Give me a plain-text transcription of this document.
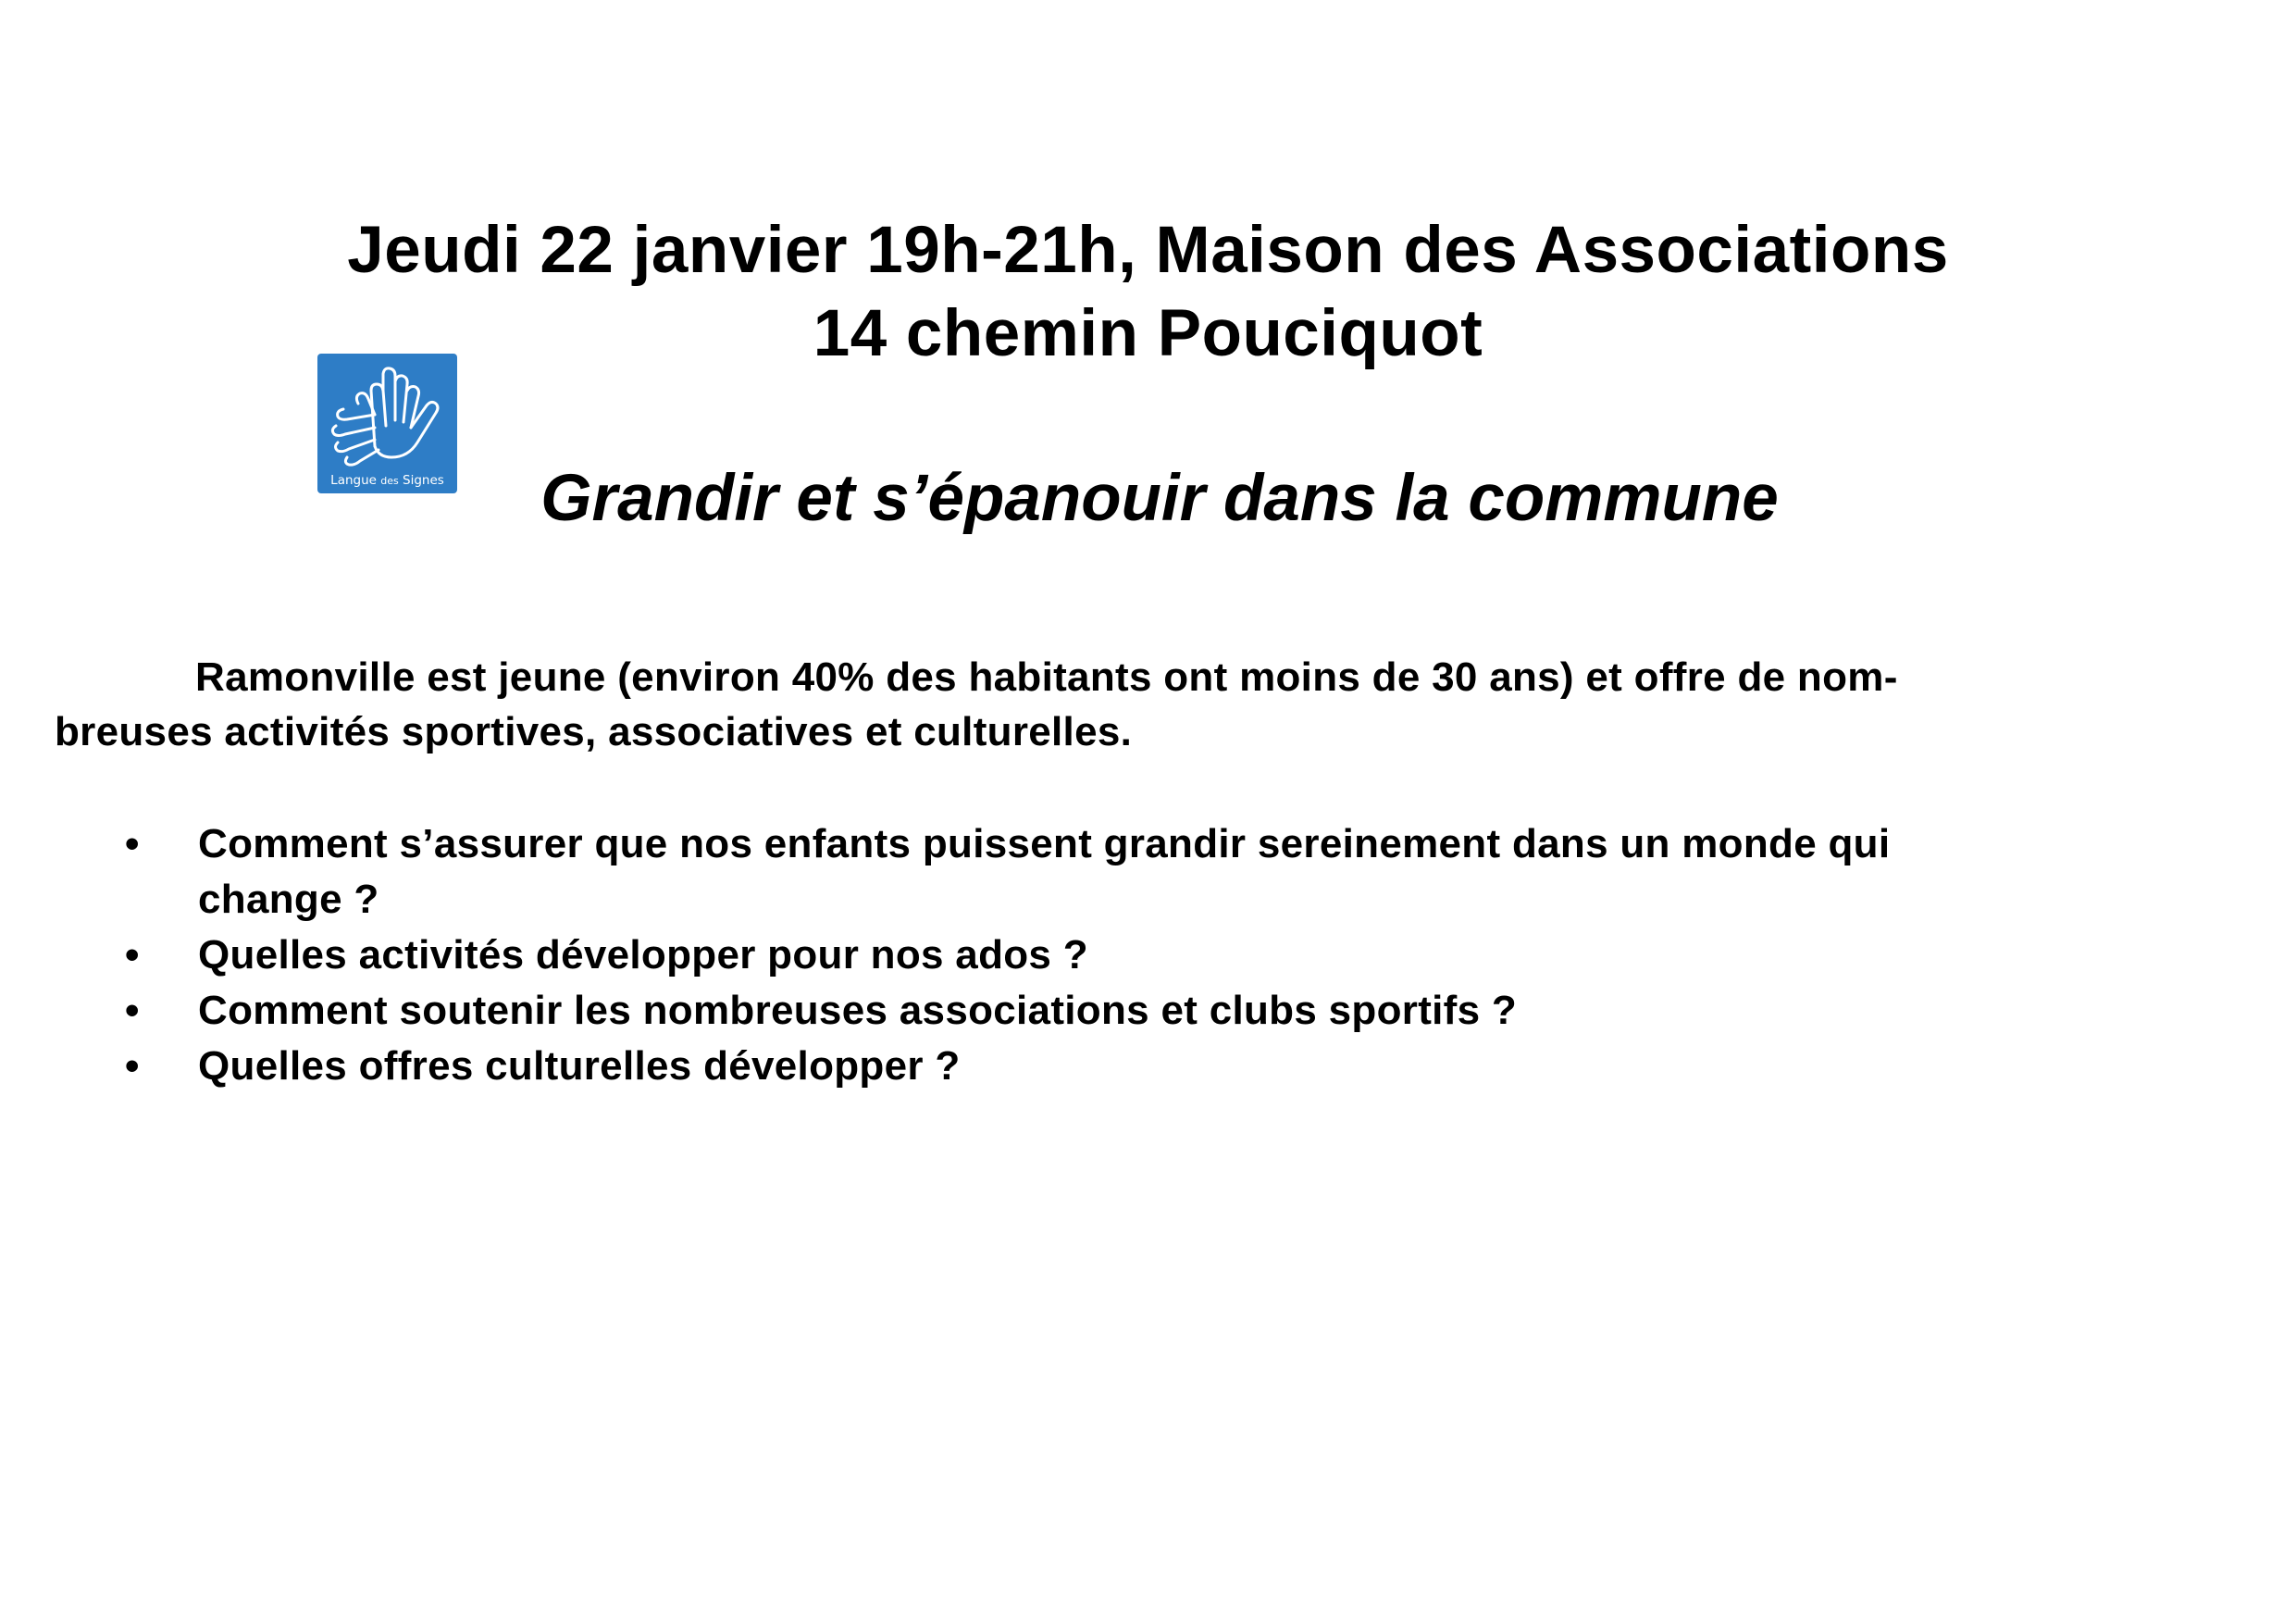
Jeudi 22 janvier 19h-21h, Maison des Associations
14 chemin Pouciquot
Langue des Signes	Grandir et s’épanouir dans la commune
Ramonville est jeune (environ 40% des habitants ont moins de 30 ans) et offre de nom-
breuses activités sportives, associatives et culturelles.
• Comment s’assurer que nos enfants puissent grandir sereinement dans un monde qui
change ?
• Quelles activités développer pour nos ados ?
• Comment soutenir les nombreuses associations et clubs sportifs ?
• Quelles offres culturelles développer ?
